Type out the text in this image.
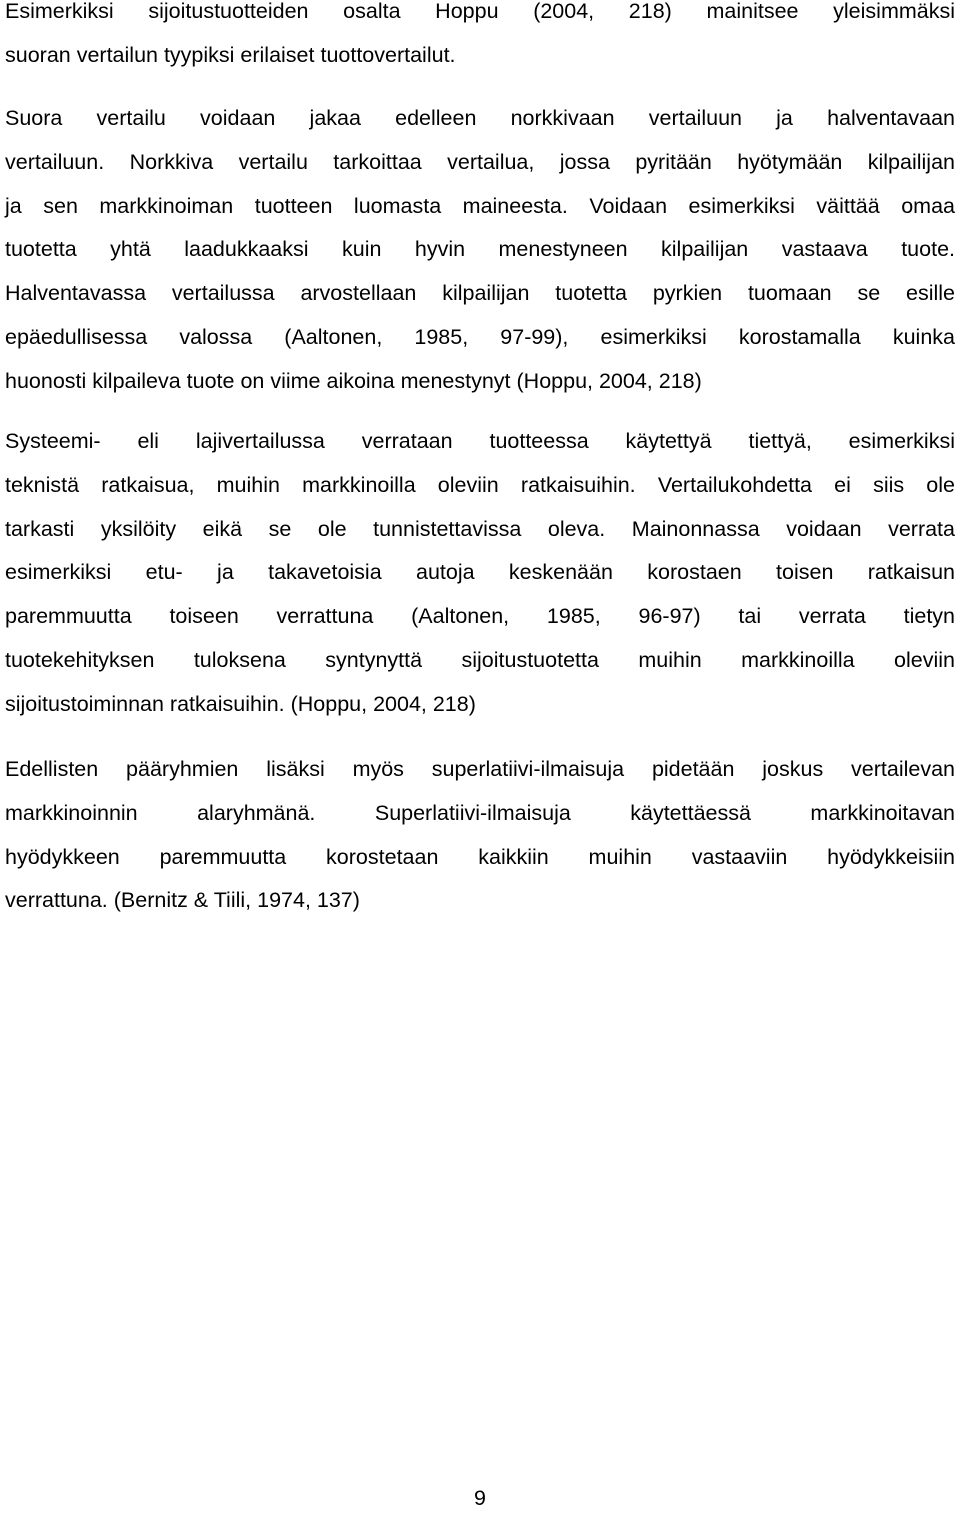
Esimerkiksi sijoitustuotteiden osalta Hoppu (2004, 218) mainitsee yleisimmäksi
suoran vertailun tyypiksi erilaiset tuottovertailut.
Suora vertailu voidaan jakaa edelleen norkkivaan vertailuun ja halventavaan
vertailuun. Norkkiva vertailu tarkoittaa vertailua, jossa pyritään hyötymään kilpailijan
ja sen markkinoiman tuotteen luomasta maineesta. Voidaan esimerkiksi väittää omaa
tuotetta yhtä laadukkaaksi kuin hyvin menestyneen kilpailijan vastaava tuote.
Halventavassa vertailussa arvostellaan kilpailijan tuotetta pyrkien tuomaan se esille
epäedullisessa valossa (Aaltonen, 1985, 97-99), esimerkiksi korostamalla kuinka
huonosti kilpaileva tuote on viime aikoina menestynyt (Hoppu, 2004, 218)
Systeemi- eli lajivertailussa verrataan tuotteessa käytettyä tiettyä, esimerkiksi
teknistä ratkaisua, muihin markkinoilla oleviin ratkaisuihin. Vertailukohdetta ei siis ole
tarkasti yksilöity eikä se ole tunnistettavissa oleva. Mainonnassa voidaan verrata
esimerkiksi etu- ja takavetoisia autoja keskenään korostaen toisen ratkaisun
paremmuutta toiseen verrattuna (Aaltonen, 1985, 96-97) tai verrata tietyn
tuotekehityksen tuloksena syntynyttä sijoitustuotetta muihin markkinoilla oleviin
sijoitustoiminnan ratkaisuihin. (Hoppu, 2004, 218)
Edellisten pääryhmien lisäksi myös superlatiivi-ilmaisuja pidetään joskus vertailevan
markkinoinnin alaryhmänä. Superlatiivi-ilmaisuja käytettäessä markkinoitavan
hyödykkeen paremmuutta korostetaan kaikkiin muihin vastaaviin hyödykkeisiin
verrattuna. (Bernitz & Tiili, 1974, 137)
9
